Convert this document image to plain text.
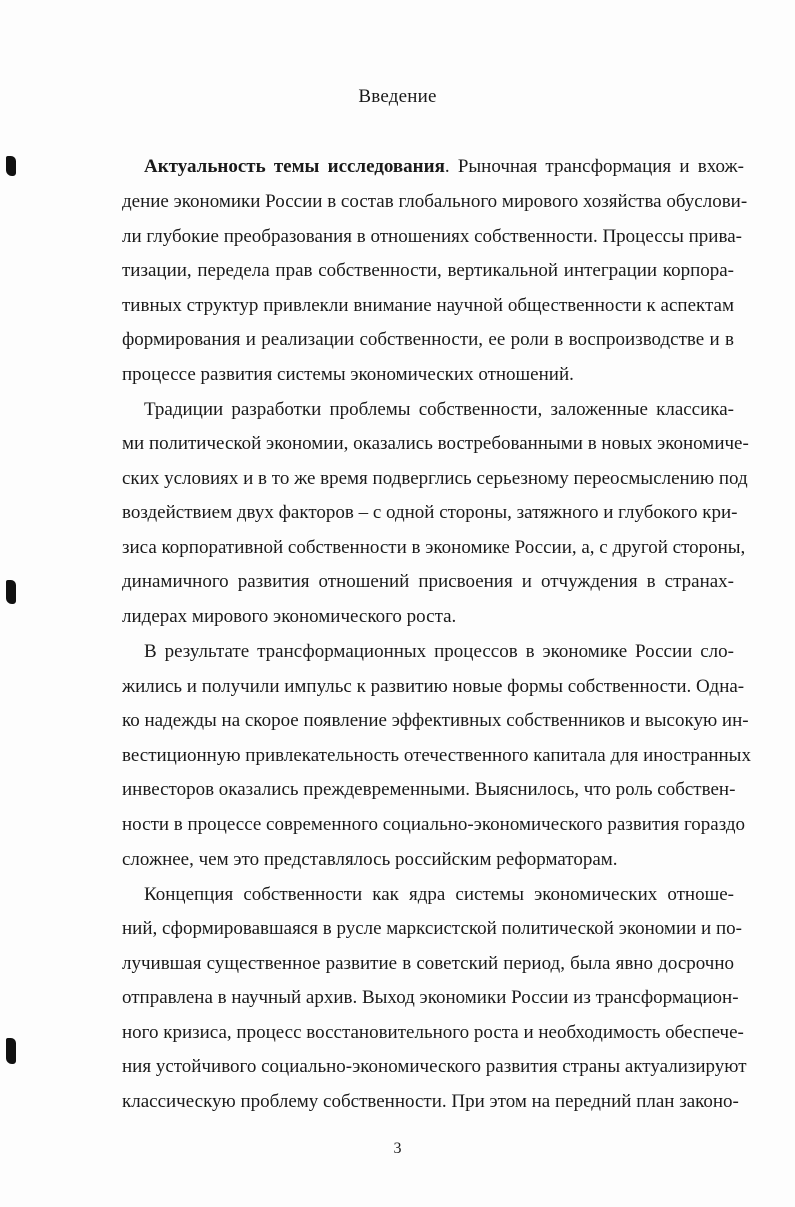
Введение
Актуальность темы исследования. Рыночная трансформация и вхож-
дение экономики России в состав глобального мирового хозяйства обуслови-
ли глубокие преобразования в отношениях собственности. Процессы прива-
тизации, передела прав собственности, вертикальной интеграции корпора-
тивных структур привлекли внимание научной общественности к аспектам
формирования и реализации собственности, ее роли в воспроизводстве и в
процессе развития системы экономических отношений.
Традиции разработки проблемы собственности, заложенные классика-
ми политической экономии, оказались востребованными в новых экономиче-
ских условиях и в то же время подверглись серьезному переосмыслению под
воздействием двух факторов – с одной стороны, затяжного и глубокого кри-
зиса корпоративной собственности в экономике России, а, с другой стороны,
динамичного развития отношений присвоения и отчуждения в странах-
лидерах мирового экономического роста.
В результате трансформационных процессов в экономике России сло-
жились и получили импульс к развитию новые формы собственности. Одна-
ко надежды на скорое появление эффективных собственников и высокую ин-
вестиционную привлекательность отечественного капитала для иностранных
инвесторов оказались преждевременными. Выяснилось, что роль собствен-
ности в процессе современного социально-экономического развития гораздо
сложнее, чем это представлялось российским реформаторам.
Концепция собственности как ядра системы экономических отноше-
ний, сформировавшаяся в русле марксистской политической экономии и по-
лучившая существенное развитие в советский период, была явно досрочно
отправлена в научный архив. Выход экономики России из трансформацион-
ного кризиса, процесс восстановительного роста и необходимость обеспече-
ния устойчивого социально-экономического развития страны актуализируют
классическую проблему собственности. При этом на передний план законо-
3
